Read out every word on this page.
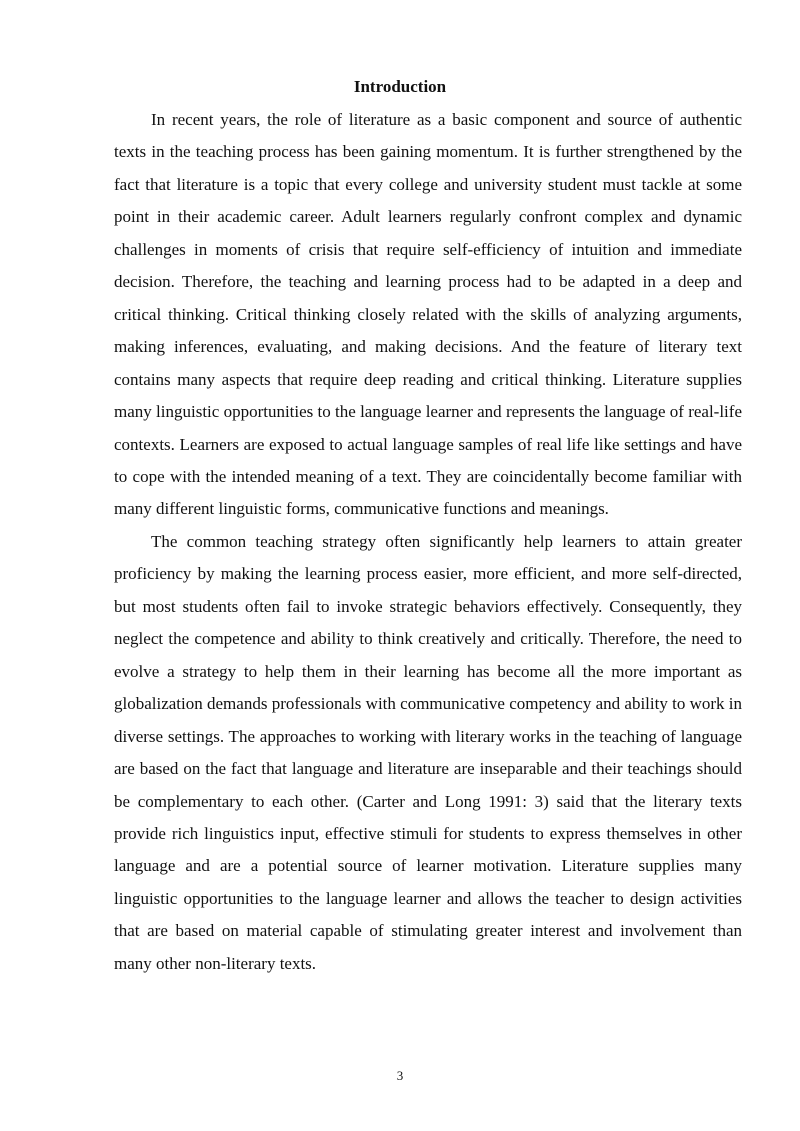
Introduction

In recent years, the role of literature as a basic component and source of authentic texts in the teaching process has been gaining momentum. It is further strengthened by the fact that literature is a topic that every college and university student must tackle at some point in their academic career. Adult learners regularly confront complex and dynamic challenges in moments of crisis that require self-efficiency of intuition and immediate decision. Therefore, the teaching and learning process had to be adapted in a deep and critical thinking. Critical thinking closely related with the skills of analyzing arguments, making inferences, evaluating, and making decisions. And the feature of literary text contains many aspects that require deep reading and critical thinking. Literature supplies many linguistic opportunities to the language learner and represents the language of real-life contexts. Learners are exposed to actual language samples of real life like settings and have to cope with the intended meaning of a text. They are coincidentally become familiar with many different linguistic forms, communicative functions and meanings.

The common teaching strategy often significantly help learners to attain greater proficiency by making the learning process easier, more efficient, and more self-directed, but most students often fail to invoke strategic behaviors effectively. Consequently, they neglect the competence and ability to think creatively and critically. Therefore, the need to evolve a strategy to help them in their learning has become all the more important as globalization demands professionals with communicative competency and ability to work in diverse settings. The approaches to working with literary works in the teaching of language are based on the fact that language and literature are inseparable and their teachings should be complementary to each other. (Carter and Long 1991: 3) said that the literary texts provide rich linguistics input, effective stimuli for students to express themselves in other language and are a potential source of learner motivation. Literature supplies many linguistic opportunities to the language learner and allows the teacher to design activities that are based on material capable of stimulating greater interest and involvement than many other non-literary texts.

3
